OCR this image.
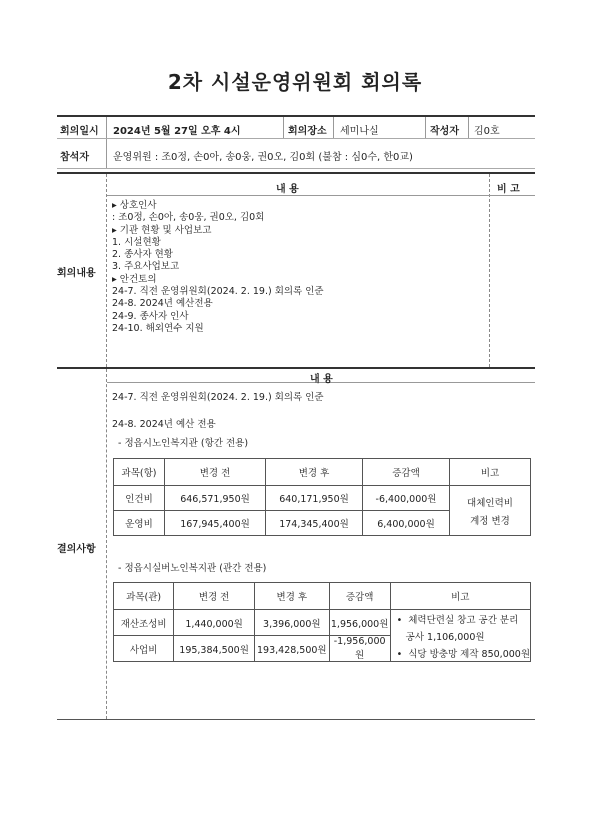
2차 시설운영위원회 회의록
회의일시 2024년 5월 27일 오후 4시	회의장소 세미나실	작성자 김0호
참석자 운영위원 : 조0정, 손0아, 송0웅, 권0오, 김0회 (불참 : 심0수, 한0교)
내 용	비 고
회의내용
▸ 상호인사
: 조0정, 손0아, 송0웅, 권0오, 김0회
▸ 기관 현황 및 사업보고
1. 시설현황
2. 종사자 현황
3. 주요사업보고
▸ 안건토의
24-7. 직전 운영위원회(2024. 2. 19.) 회의록 인준
24-8. 2024년 예산전용
24-9. 종사자 인사
24-10. 해외연수 지원
내 용
결의사항
24-7. 직전 운영위원회(2024. 2. 19.) 회의록 인준
24-8. 2024년 예산 전용
- 정읍시노인복지관 (항간 전용)
과목(항)	변경 전	변경 후	증감액	비고
인건비	646,571,950원	640,171,950원	-6,400,000원	대체인력비
계정 변경

운영비	167,945,400원	174,345,400원	6,400,000원	
- 정읍시실버노인복지관 (관간 전용)
과목(관)	변경 전	변경 후	증감액	비고
재산조성비	1,440,000원	3,396,000원	1,956,000원	•  체력단련실 창고 공간 분리
공사 1,106,000원
•  식당 방충망 제작 850,000원

사업비	195,384,500원	193,428,500원	-1,956,000원	
